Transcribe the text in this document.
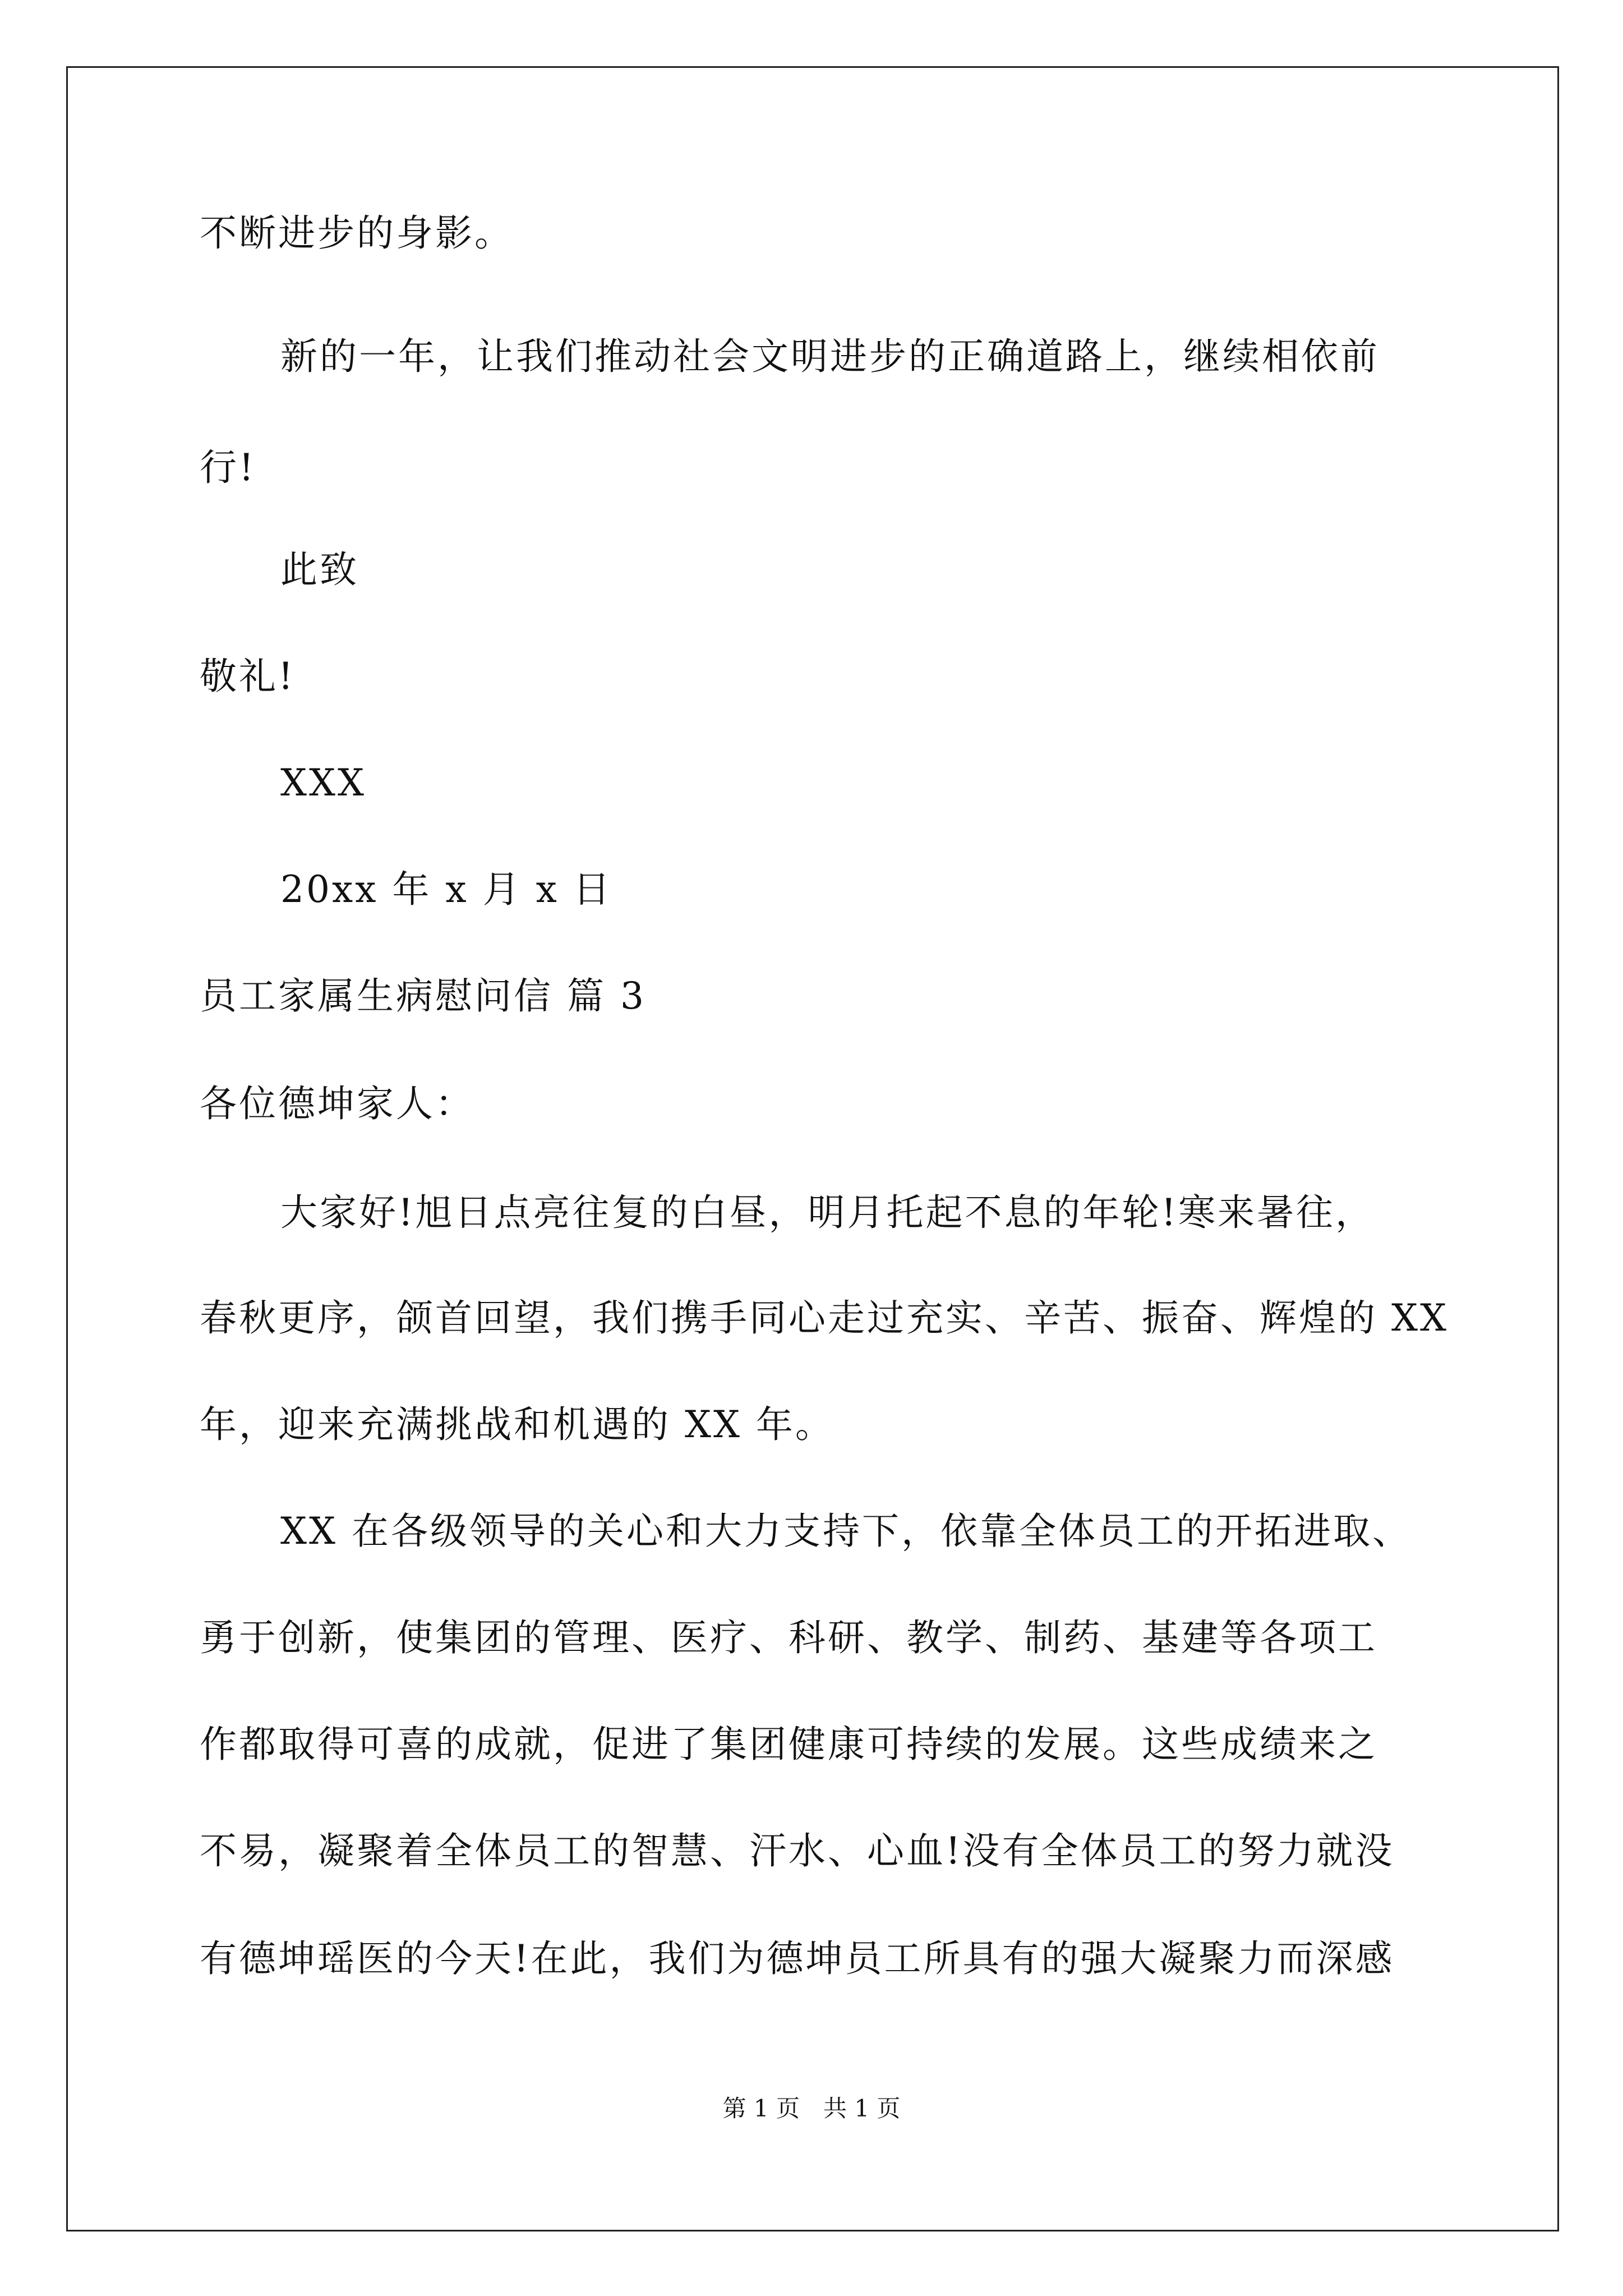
不断进步的身影。
新的一年，让我们推动社会文明进步的正确道路上，继续相依前
行!
此致
敬礼!
XXX
20xx 年 x 月 x 日
员工家属生病慰问信 篇 3
各位德坤家人：
大家好!旭日点亮往复的白昼，明月托起不息的年轮!寒来暑往，
春秋更序，颌首回望，我们携手同心走过充实、辛苦、振奋、辉煌的 XX
年，迎来充满挑战和机遇的 XX 年。
XX 在各级领导的关心和大力支持下，依靠全体员工的开拓进取、
勇于创新，使集团的管理、医疗、科研、教学、制药、基建等各项工
作都取得可喜的成就，促进了集团健康可持续的发展。这些成绩来之
不易，凝聚着全体员工的智慧、汗水、心血!没有全体员工的努力就没
有德坤瑶医的今天!在此，我们为德坤员工所具有的强大凝聚力而深感
第 1 页　共 1 页
